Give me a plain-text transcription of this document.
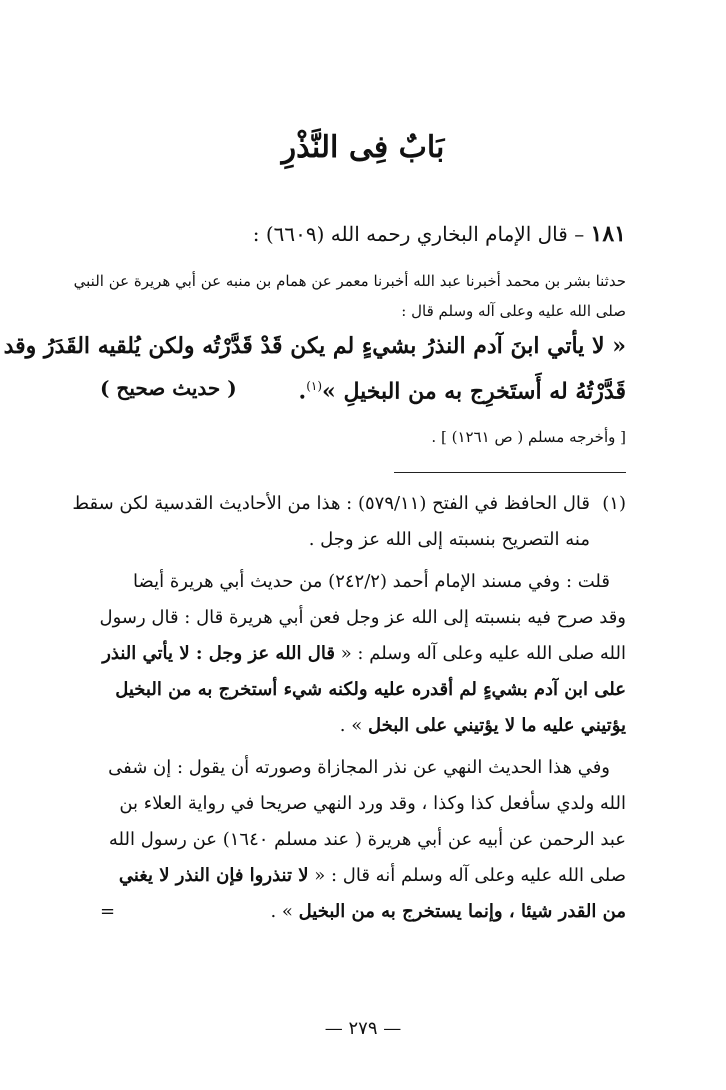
بَابٌ فِى النَّذْرِ
١٨١ – قال الإمام البخاري رحمه الله (٦٦٠٩) :
حدثنا بشر بن محمد أخبرنا عبد الله أخبرنا معمر عن همام بن منبه عن أبي هريرة عن النبي
صلى الله عليه وعلى آله وسلم قال :
« لا يأتي ابنَ آدم النذرُ بشيءٍ لم يكن قَدْ قَدَّرْتُه ولكن يُلقيه القَدَرُ وقد
قَدَّرْتُهُ له أَستَخرِج به من البخيلِ »$^{(١)}$.
( حديث صحيح )
[ وأخرجه مسلم ( ص ١٢٦١) ] .
(١)قال الحافظ في الفتح (٥٧٩/١١) : هذا من الأحاديث القدسية لكن سقط
منه التصريح بنسبته إلى الله عز وجل .
قلت : وفي مسند الإمام أحمد (٢٤٢/٢) من حديث أبي هريرة أيضا
وقد صرح فيه بنسبته إلى الله عز وجل فعن أبي هريرة قال : قال رسول
الله صلى الله عليه وعلى آله وسلم : « قال الله عز وجل : لا يأتي النذر
على ابن آدم بشيءٍ لم أقدره عليه ولكنه شيء أستخرج به من البخيل
يؤتيني عليه ما لا يؤتيني على البخل » .
وفي هذا الحديث النهي عن نذر المجازاة وصورته أن يقول : إن شفى
الله ولدي سأفعل كذا وكذا ، وقد ورد النهي صريحا في رواية العلاء بن
عبد الرحمن عن أبيه عن أبي هريرة ( عند مسلم ١٦٤٠) عن رسول الله
صلى الله عليه وعلى آله وسلم أنه قال : « لا تنذروا فإن النذر لا يغني
من القدر شيئا ، وإنما يستخرج به من البخيل » .
=
— ٢٧٩ —
